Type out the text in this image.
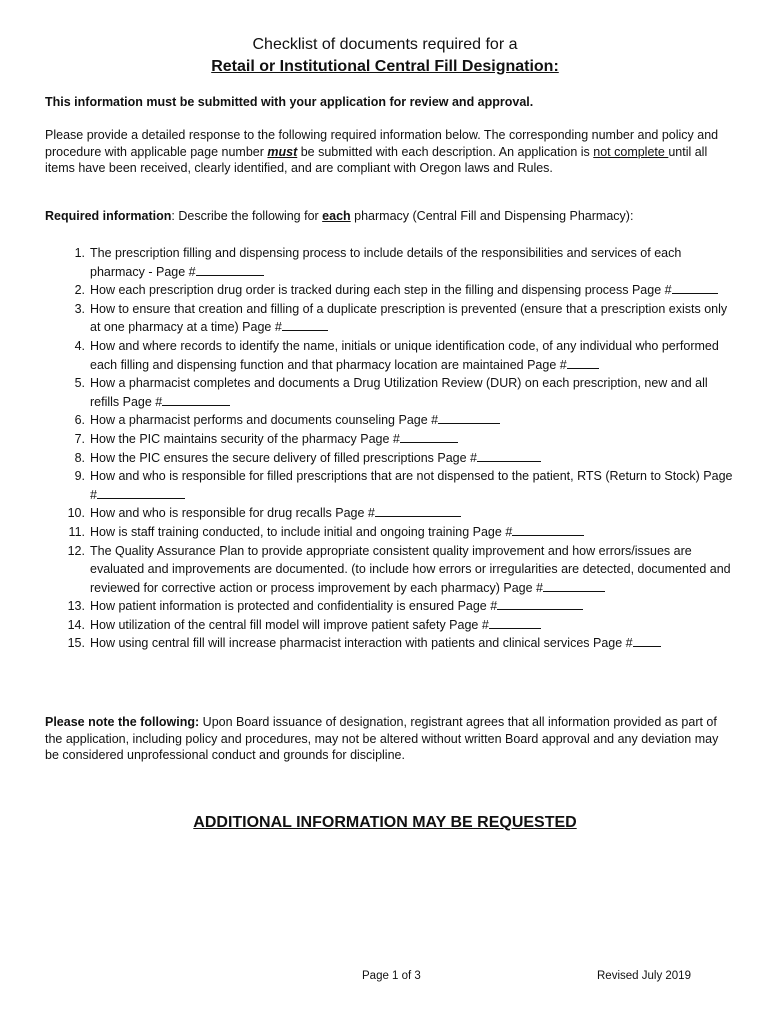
Checklist of documents required for a
Retail or Institutional Central Fill Designation:
This information must be submitted with your application for review and approval.
Please provide a detailed response to the following required information below. The corresponding number and policy and procedure with applicable page number must be submitted with each description. An application is not complete until all items have been received, clearly identified, and are compliant with Oregon laws and Rules.
Required information: Describe the following for each pharmacy (Central Fill and Dispensing Pharmacy):
1. The prescription filling and dispensing process to include details of the responsibilities and services of each pharmacy - Page #
2. How each prescription drug order is tracked during each step in the filling and dispensing process Page #
3. How to ensure that creation and filling of a duplicate prescription is prevented (ensure that a prescription exists only at one pharmacy at a time) Page #
4. How and where records to identify the name, initials or unique identification code, of any individual who performed each filling and dispensing function and that pharmacy location are maintained Page #
5. How a pharmacist completes and documents a Drug Utilization Review (DUR) on each prescription, new and all refills Page #
6. How a pharmacist performs and documents counseling Page #
7. How the PIC maintains security of the pharmacy Page #
8. How the PIC ensures the secure delivery of filled prescriptions Page #
9. How and who is responsible for filled prescriptions that are not dispensed to the patient, RTS (Return to Stock) Page #
10. How and who is responsible for drug recalls Page #
11. How is staff training conducted, to include initial and ongoing training Page #
12. The Quality Assurance Plan to provide appropriate consistent quality improvement and how errors/issues are evaluated and improvements are documented. (to include how errors or irregularities are detected, documented and reviewed for corrective action or process improvement by each pharmacy) Page #
13. How patient information is protected and confidentiality is ensured Page #
14. How utilization of the central fill model will improve patient safety Page #
15. How using central fill will increase pharmacist interaction with patients and clinical services Page #
Please note the following: Upon Board issuance of designation, registrant agrees that all information provided as part of the application, including policy and procedures, may not be altered without written Board approval and any deviation may be considered unprofessional conduct and grounds for discipline.
ADDITIONAL INFORMATION MAY BE REQUESTED
Page 1 of 3	Revised July 2019
